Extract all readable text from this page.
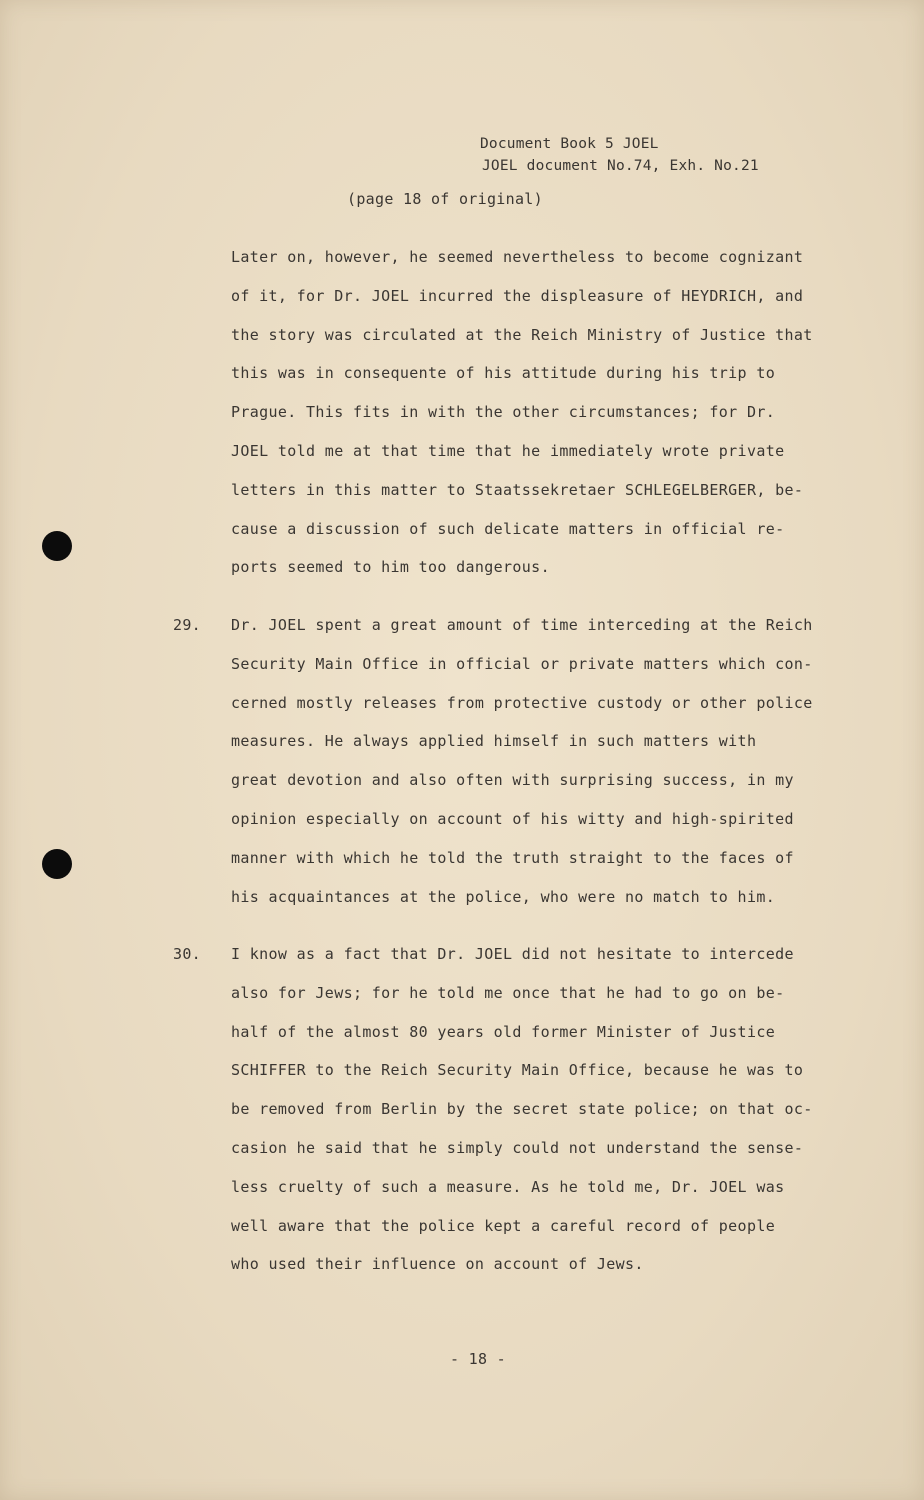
Document Book 5 JOEL
JOEL document No.74, Exh. No.21
(page 18 of original)
Later on, however, he seemed nevertheless to become cognizant
of it, for Dr. JOEL incurred the displeasure of HEYDRICH, and
the story was circulated at the Reich Ministry of Justice that
this was in consequente of his attitude during his trip to
Prague. This fits in with the other circumstances; for Dr.
JOEL told me at that time that he immediately wrote private
letters in this matter to Staatssekretaer SCHLEGELBERGER, be-
cause a discussion of such delicate matters in official re-
ports seemed to him too dangerous.
29. Dr. JOEL spent a great amount of time interceding at the Reich
Security Main Office in official or private matters which con-
cerned mostly releases from protective custody or other police
measures. He always applied himself in such matters with
great devotion and also often with surprising success, in my
opinion especially on account of his witty and high-spirited
manner with which he told the truth straight to the faces of
his acquaintances at the police, who were no match to him.
30. I know as a fact that Dr. JOEL did not hesitate to intercede
also for Jews; for he told me once that he had to go on be-
half of the almost 80 years old former Minister of Justice
SCHIFFER to the Reich Security Main Office, because he was to
be removed from Berlin by the secret state police; on that oc-
casion he said that he simply could not understand the sense-
less cruelty of such a measure. As he told me, Dr. JOEL was
well aware that the police kept a careful record of people
who used their influence on account of Jews.
- 18 -
